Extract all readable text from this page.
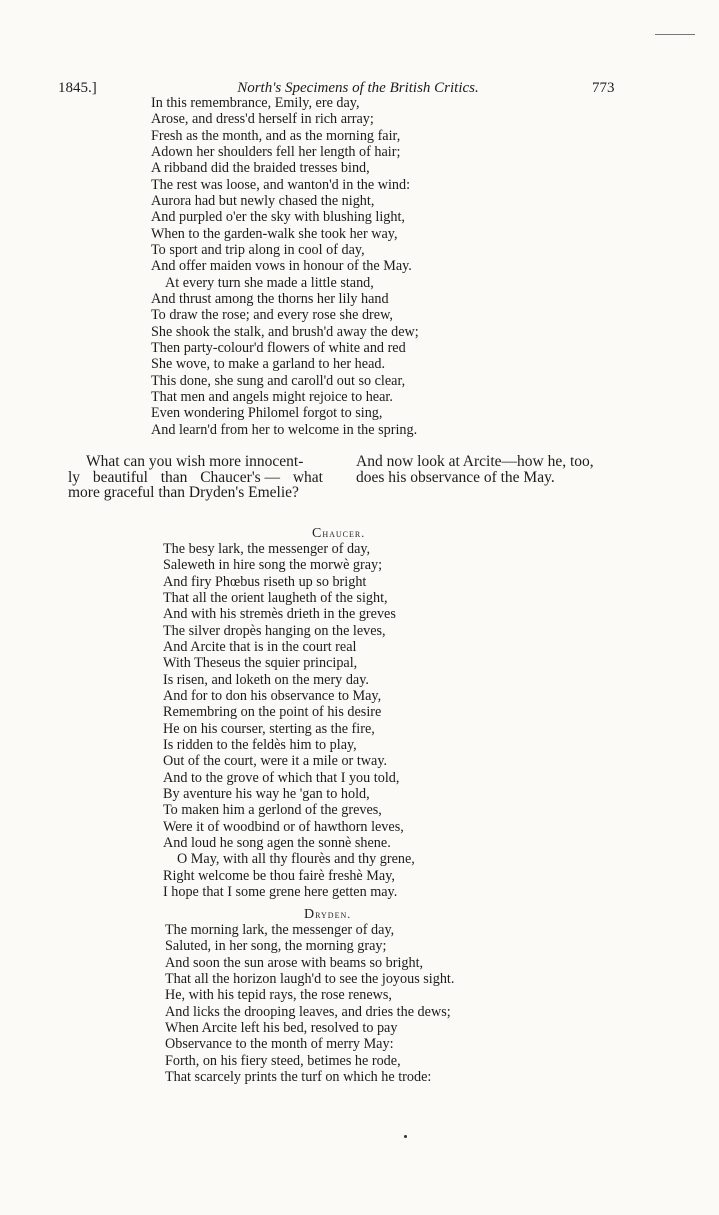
1845.]	North's Specimens of the British Critics.	773
In this remembrance, Emily, ere day,
Arose, and dress'd herself in rich array;
Fresh as the month, and as the morning fair,
Adown her shoulders fell her length of hair;
A ribband did the braided tresses bind,
The rest was loose, and wanton'd in the wind:
Aurora had but newly chased the night,
And purpled o'er the sky with blushing light,
When to the garden-walk she took her way,
To sport and trip along in cool of day,
And offer maiden vows in honour of the May.
At every turn she made a little stand,
And thrust among the thorns her lily hand
To draw the rose; and every rose she drew,
She shook the stalk, and brush'd away the dew;
Then party-colour'd flowers of white and red
She wove, to make a garland to her head.
This done, she sung and caroll'd out so clear,
That men and angels might rejoice to hear.
Even wondering Philomel forgot to sing,
And learn'd from her to welcome in the spring.

What can you wish more innocent-

ly beautiful than Chaucer's — what

more graceful than Dryden's Emelie?

And now look at Arcite—how he, too,

does his observance of the May.

Chaucer.
The besy lark, the messenger of day,
Saleweth in hire song the morwè gray;
And firy Phœbus riseth up so bright
That all the orient laugheth of the sight,
And with his stremès drieth in the greves
The silver dropès hanging on the leves,
And Arcite that is in the court real
With Theseus the squier principal,
Is risen, and loketh on the mery day.
And for to don his observance to May,
Remembring on the point of his desire
He on his courser, sterting as the fire,
Is ridden to the feldès him to play,
Out of the court, were it a mile or tway.
And to the grove of which that I you told,
By aventure his way he 'gan to hold,
To maken him a gerlond of the greves,
Were it of woodbind or of hawthorn leves,
And loud he song agen the sonnè shene.
O May, with all thy flourès and thy grene,
Right welcome be thou fairè freshè May,
I hope that I some grene here getten may.
Dryden.
The morning lark, the messenger of day,
Saluted, in her song, the morning gray;
And soon the sun arose with beams so bright,
That all the horizon laugh'd to see the joyous sight.
He, with his tepid rays, the rose renews,
And licks the drooping leaves, and dries the dews;
When Arcite left his bed, resolved to pay
Observance to the month of merry May:
Forth, on his fiery steed, betimes he rode,
That scarcely prints the turf on which he trode:
